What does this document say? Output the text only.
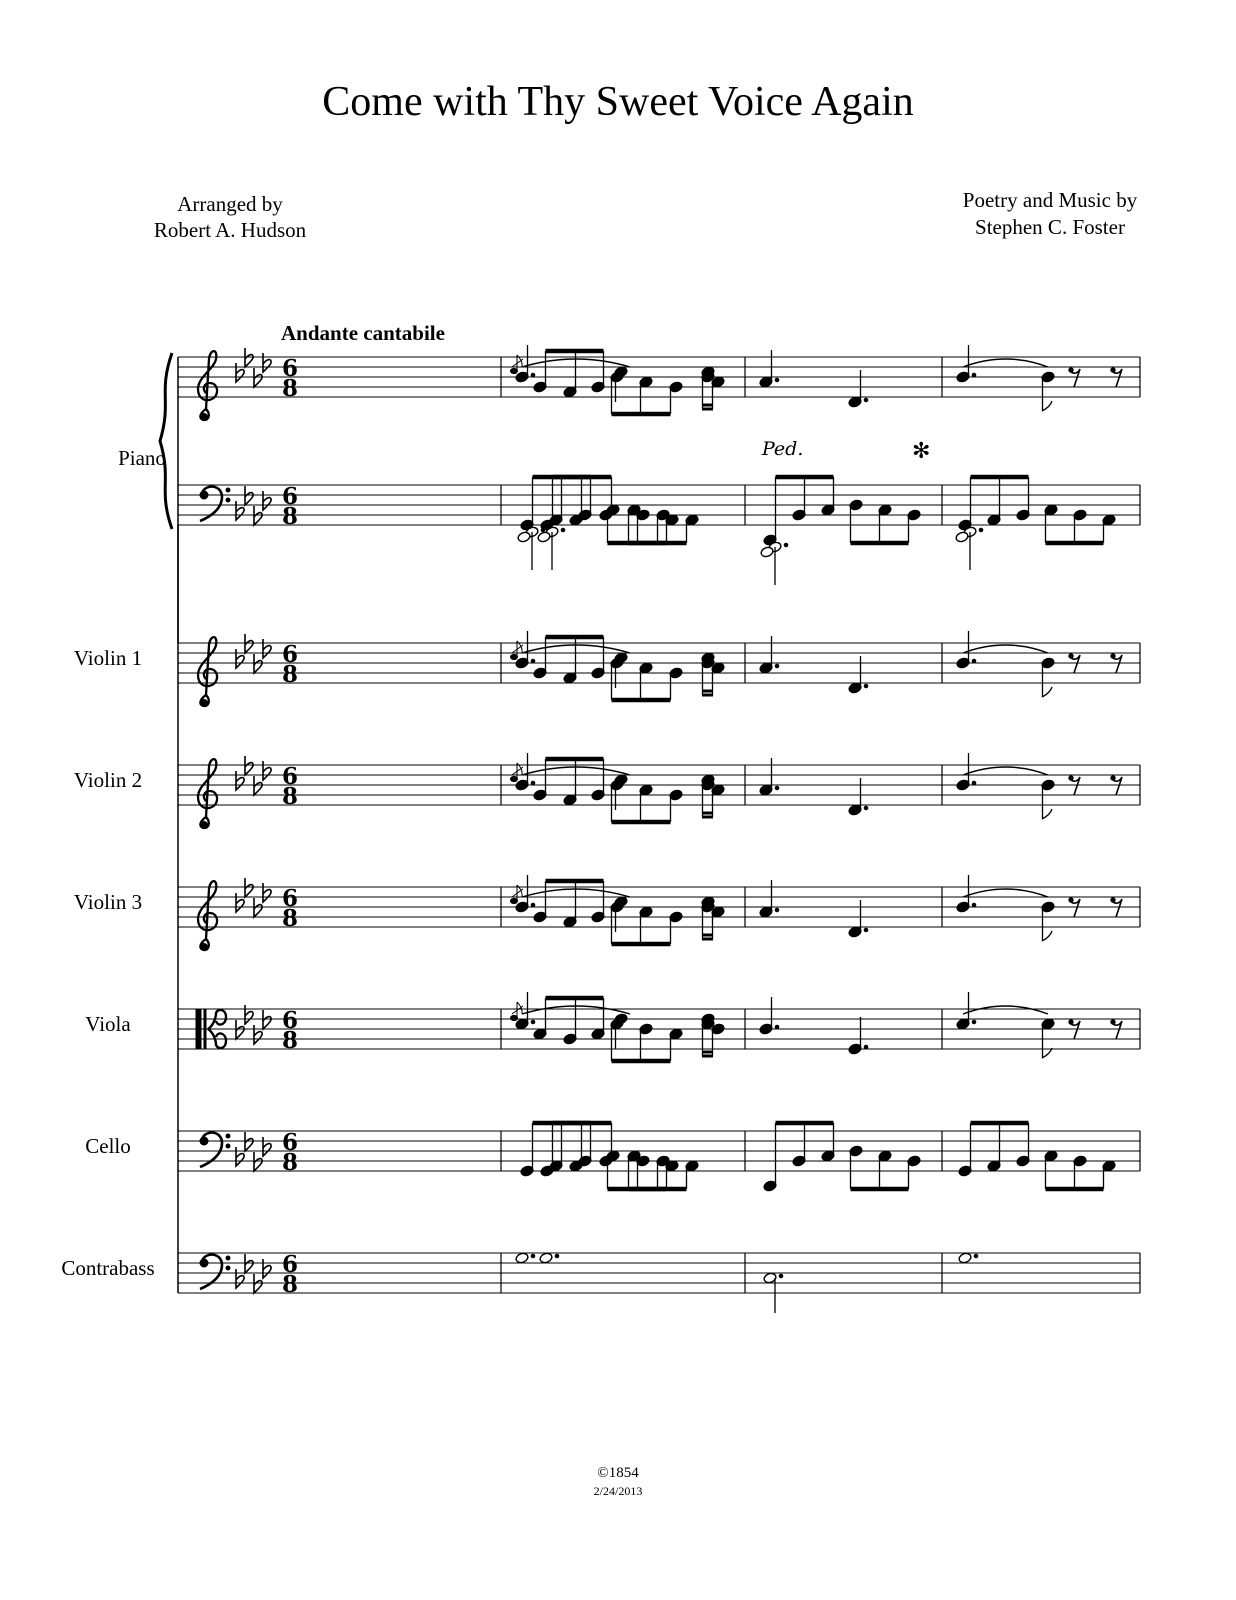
Come with Thy Sweet Voice Again
Arranged by
Robert A. Hudson
Poetry and Music by
Stephen C. Foster
Andante cantabile
©1854
2/24/2013
6
8
6
8
6
8
6
8
6
8
6
8
6
8
6
8
Piano
Violin 1
Violin 2
Violin 3
Viola
Cello
Contrabass
Ped.	✻
